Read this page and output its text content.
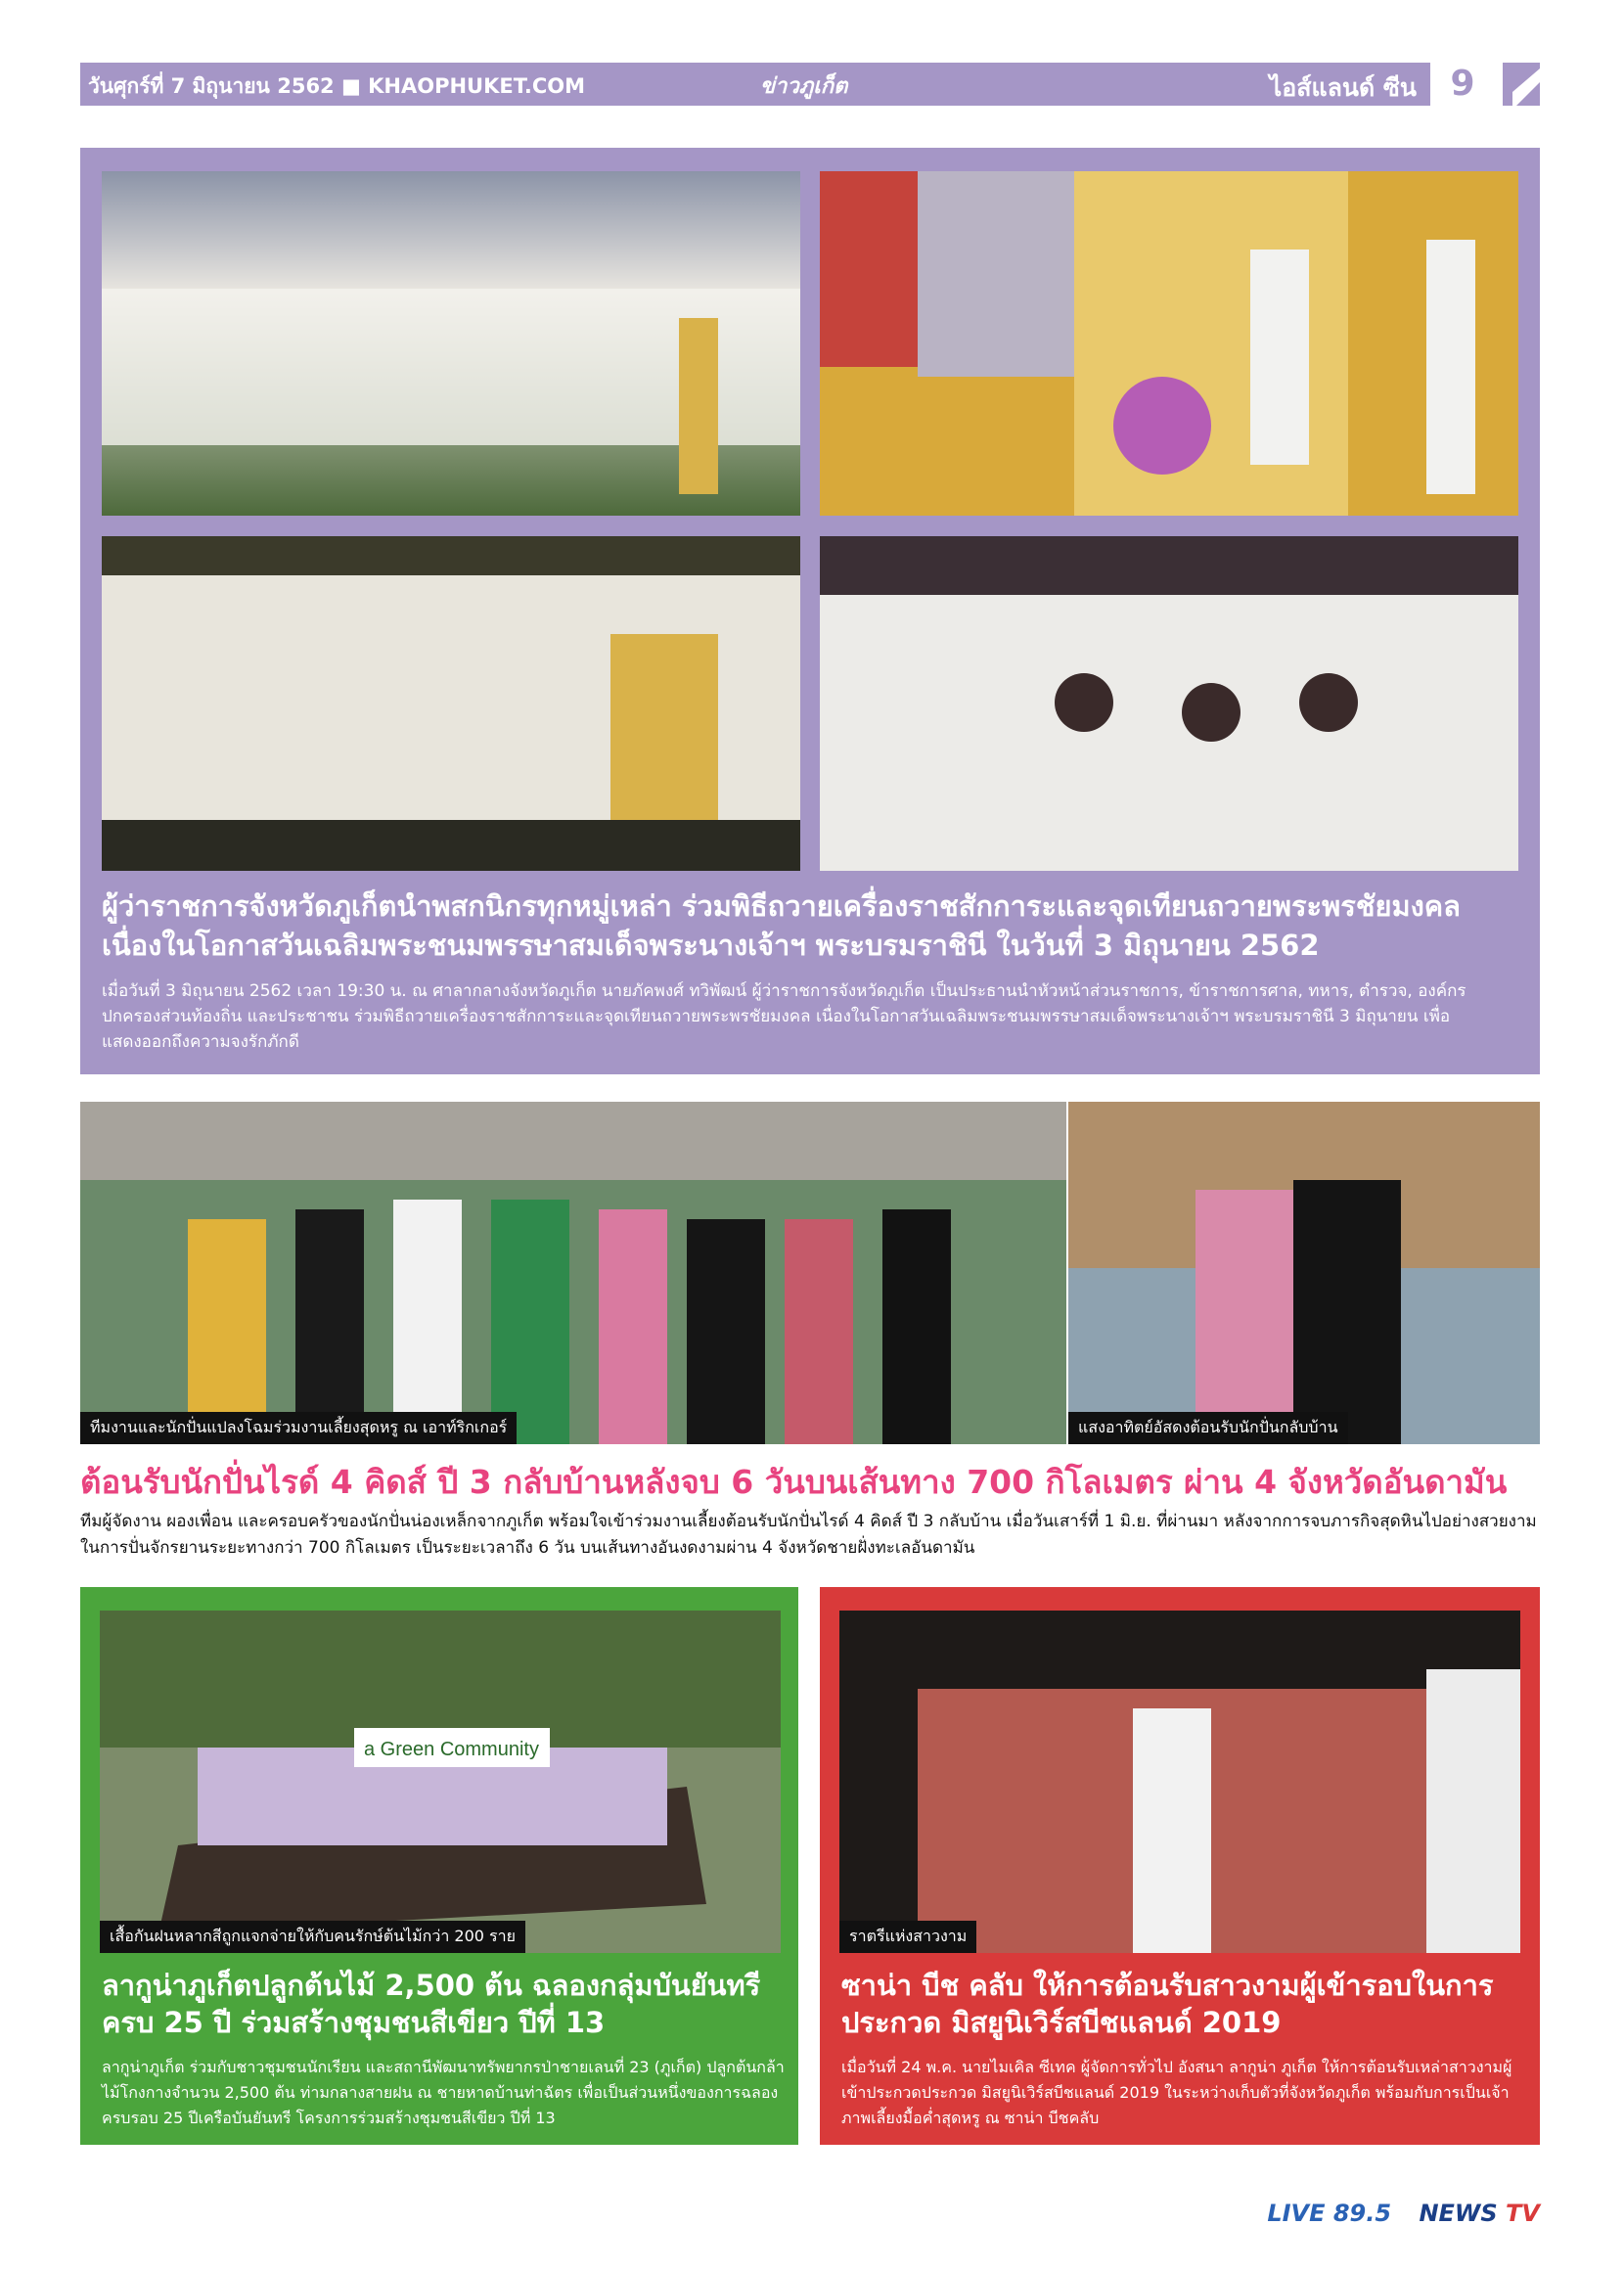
วันศุกร์ที่ 7 มิถุนายน 2562 ■ KHAOPHUKET.COM	ข่าวภูเก็ต	ไอส์แลนด์ ซีน 9
ผู้ว่าราชการจังหวัดภูเก็ตนำพสกนิกรทุกหมู่เหล่า ร่วมพิธีถวายเครื่องราชสักการะและจุดเทียนถวายพระพรชัยมงคล เนื่องในโอกาสวันเฉลิมพระชนมพรรษาสมเด็จพระนางเจ้าฯ พระบรมราชินี ในวันที่ 3 มิถุนายน 2562
เมื่อวันที่ 3 มิถุนายน 2562 เวลา 19:30 น. ณ ศาลากลางจังหวัดภูเก็ต นายภัคพงศ์ ทวิพัฒน์ ผู้ว่าราชการจังหวัดภูเก็ต เป็นประธานนำหัวหน้าส่วนราชการ, ข้าราชการศาล, ทหาร, ตำรวจ, องค์กรปกครองส่วนท้องถิ่น และประชาชน ร่วมพิธีถวายเครื่องราชสักการะและจุดเทียนถวายพระพรชัยมงคล เนื่องในโอกาสวันเฉลิมพระชนมพรรษาสมเด็จพระนางเจ้าฯ พระบรมราชินี 3 มิถุนายน เพื่อแสดงออกถึงความจงรักภักดี
ทีมงานและนักปั่นแปลงโฉมร่วมงานเลี้ยงสุดหรู ณ เอาท์ริกเกอร์	แสงอาทิตย์อัสดงต้อนรับนักปั่นกลับบ้าน
ต้อนรับนักปั่นไรด์ 4 คิดส์ ปี 3 กลับบ้านหลังจบ 6 วันบนเส้นทาง 700 กิโลเมตร ผ่าน 4 จังหวัดอันดามัน
ทีมผู้จัดงาน ผองเพื่อน และครอบครัวของนักปั่นน่องเหล็กจากภูเก็ต พร้อมใจเข้าร่วมงานเลี้ยงต้อนรับนักปั่นไรด์ 4 คิดส์ ปี 3 กลับบ้าน เมื่อวันเสาร์ที่ 1 มิ.ย. ที่ผ่านมา หลังจากการจบภารกิจสุดหินไปอย่างสวยงาม ในการปั่นจักรยานระยะทางกว่า 700 กิโลเมตร เป็นระยะเวลาถึง 6 วัน บนเส้นทางอันงดงามผ่าน 4 จังหวัดชายฝั่งทะเลอันดามัน
a Green Community
เสื้อกันฝนหลากสีถูกแจกจ่ายให้กับคนรักษ์ต้นไม้กว่า 200 ราย
ลากูน่าภูเก็ตปลูกต้นไม้ 2,500 ต้น ฉลองกลุ่มบันยันทรีครบ 25 ปี ร่วมสร้างชุมชนสีเขียว ปีที่ 13
ลากูน่าภูเก็ต ร่วมกับชาวชุมชนนักเรียน และสถานีพัฒนาทรัพยากรป่าชายเลนที่ 23 (ภูเก็ต) ปลูกต้นกล้าไม้โกงกางจำนวน 2,500 ต้น ท่ามกลางสายฝน ณ ชายหาดบ้านท่าฉัตร เพื่อเป็นส่วนหนึ่งของการฉลองครบรอบ 25 ปีเครือบันยันทรี โครงการร่วมสร้างชุมชนสีเขียว ปีที่ 13
ราตรีแห่งสาวงาม
ซาน่า บีช คลับ ให้การต้อนรับสาวงามผู้เข้ารอบในการประกวด มิสยูนิเวิร์สบีชแลนด์ 2019
เมื่อวันที่ 24 พ.ค. นายไมเคิล ซีเทค ผู้จัดการทั่วไป อังสนา ลากูน่า ภูเก็ต ให้การต้อนรับเหล่าสาวงามผู้เข้าประกวดประกวด มิสยูนิเวิร์สบีชแลนด์ 2019 ในระหว่างเก็บตัวที่จังหวัดภูเก็ต พร้อมกับการเป็นเจ้าภาพเลี้ยงมื้อค่ำสุดหรู ณ ซาน่า บีชคลับ
LIVE 89.5 NEWS TV
